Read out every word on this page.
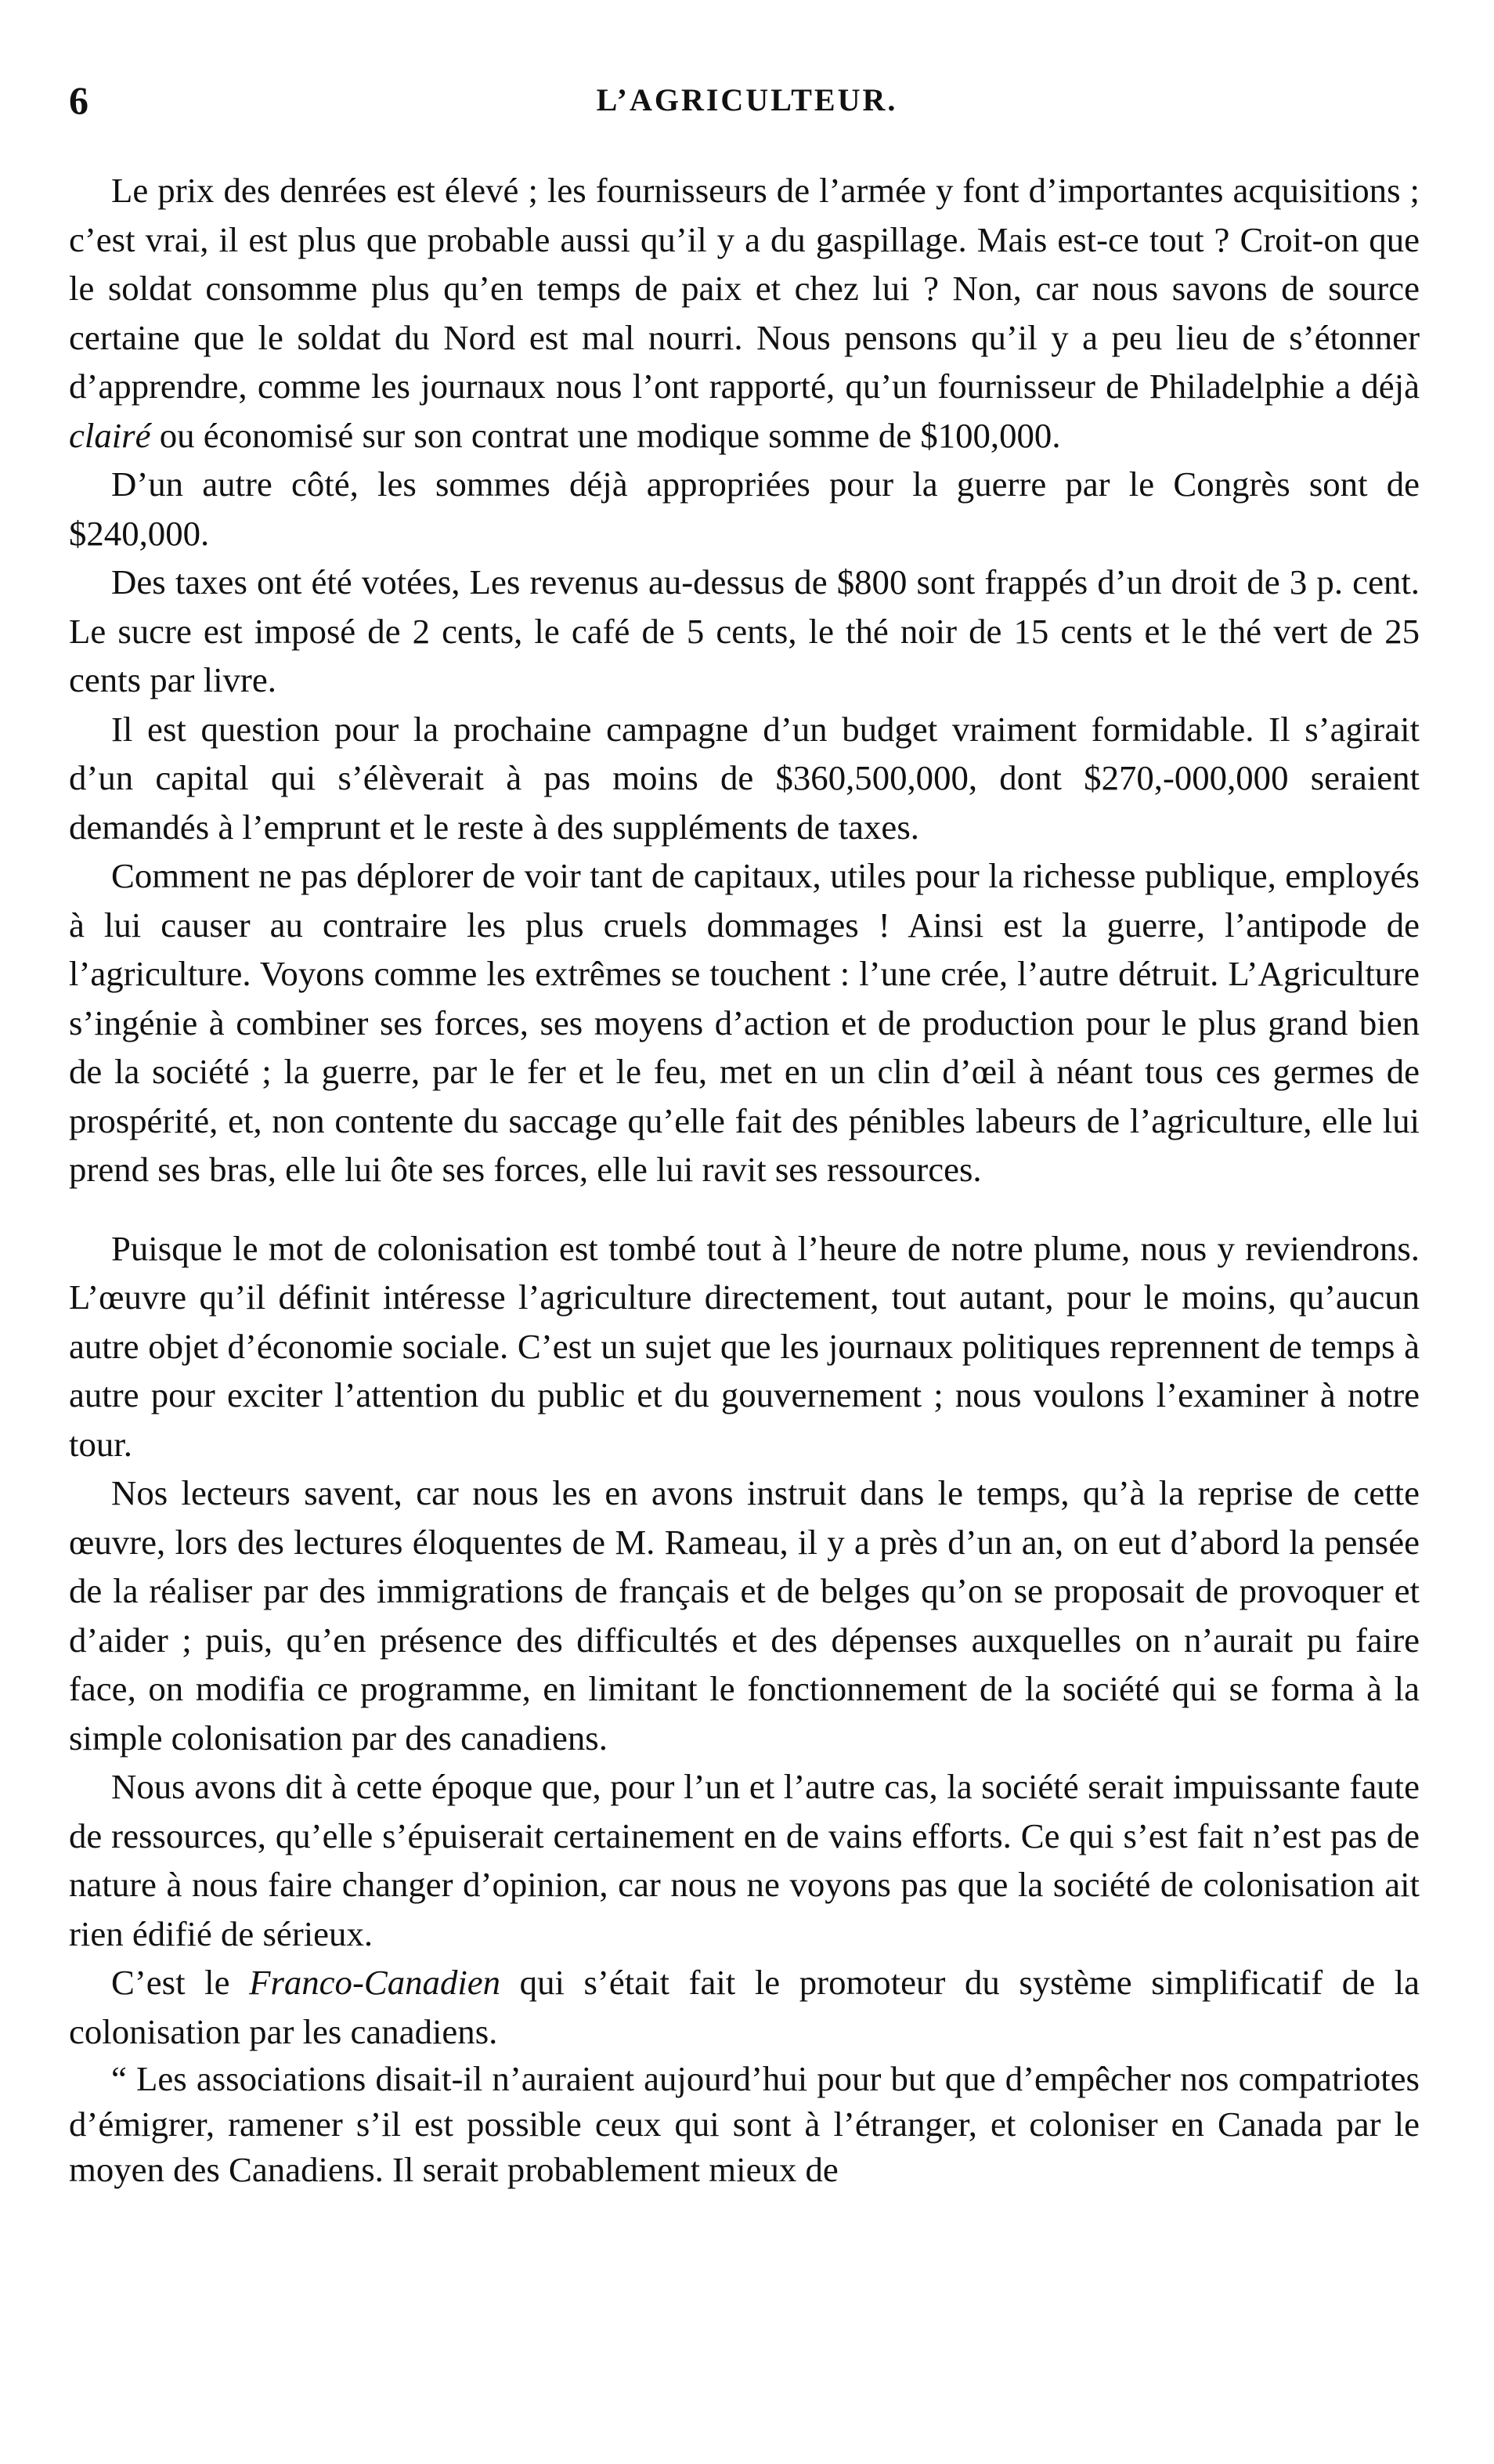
6	L’AGRICULTEUR.

Le prix des denrées est élevé ; les fournisseurs de l’armée y font d’importantes acquisitions ; c’est vrai, il est plus que probable aussi qu’il y a du gaspillage. Mais est-ce tout ? Croit-on que le soldat consomme plus qu’en temps de paix et chez lui ? Non, car nous savons de source certaine que le soldat du Nord est mal nourri. Nous pensons qu’il y a peu lieu de s’étonner d’apprendre, comme les journaux nous l’ont rapporté, qu’un fournisseur de Philadelphie a déjà clairé ou économisé sur son contrat une modique somme de $100,000.

D’un autre côté, les sommes déjà appropriées pour la guerre par le Congrès sont de $240,000.

Des taxes ont été votées, Les revenus au-dessus de $800 sont frappés d’un droit de 3 p. cent. Le sucre est imposé de 2 cents, le café de 5 cents, le thé noir de 15 cents et le thé vert de 25 cents par livre.

Il est question pour la prochaine campagne d’un budget vraiment formidable. Il s’agirait d’un capital qui s’élèverait à pas moins de $360,500,000, dont $270,-000,000 seraient demandés à l’emprunt et le reste à des suppléments de taxes.

Comment ne pas déplorer de voir tant de capitaux, utiles pour la richesse publique, employés à lui causer au contraire les plus cruels dommages ! Ainsi est la guerre, l’antipode de l’agriculture. Voyons comme les extrêmes se touchent : l’une crée, l’autre détruit. L’Agriculture s’ingénie à combiner ses forces, ses moyens d’action et de production pour le plus grand bien de la société ; la guerre, par le fer et le feu, met en un clin d’œil à néant tous ces germes de prospérité, et, non contente du saccage qu’elle fait des pénibles labeurs de l’agriculture, elle lui prend ses bras, elle lui ôte ses forces, elle lui ravit ses ressources.

Puisque le mot de colonisation est tombé tout à l’heure de notre plume, nous y reviendrons. L’œuvre qu’il définit intéresse l’agriculture directement, tout autant, pour le moins, qu’aucun autre objet d’économie sociale. C’est un sujet que les journaux politiques reprennent de temps à autre pour exciter l’attention du public et du gouvernement ; nous voulons l’examiner à notre tour.

Nos lecteurs savent, car nous les en avons instruit dans le temps, qu’à la reprise de cette œuvre, lors des lectures éloquentes de M. Rameau, il y a près d’un an, on eut d’abord la pensée de la réaliser par des immigrations de français et de belges qu’on se proposait de provoquer et d’aider ; puis, qu’en présence des difficultés et des dépenses auxquelles on n’aurait pu faire face, on modifia ce programme, en limitant le fonctionnement de la société qui se forma à la simple colonisation par des canadiens.

Nous avons dit à cette époque que, pour l’un et l’autre cas, la société serait impuissante faute de ressources, qu’elle s’épuiserait certainement en de vains efforts. Ce qui s’est fait n’est pas de nature à nous faire changer d’opinion, car nous ne voyons pas que la société de colonisation ait rien édifié de sérieux.

C’est le Franco-Canadien qui s’était fait le promoteur du système simplificatif de la colonisation par les canadiens.

“ Les associations disait-il n’auraient aujourd’hui pour but que d’empêcher nos compatriotes d’émigrer, ramener s’il est possible ceux qui sont à l’étranger, et coloniser en Canada par le moyen des Canadiens. Il serait probablement mieux de
